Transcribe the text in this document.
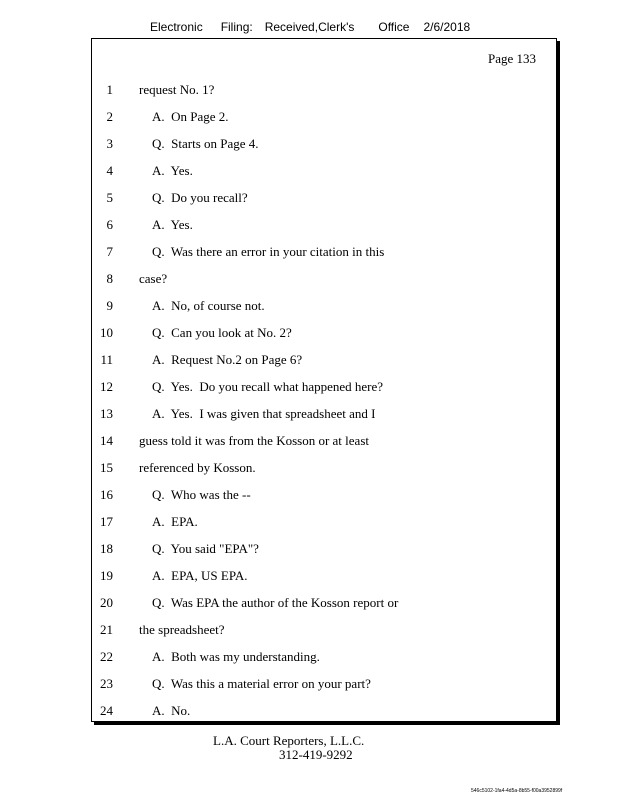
Electronic Filing: Received,Clerk's Office 2/6/2018
Page 133
1 request No. 1?
2	A.  On Page 2.
3	Q.  Starts on Page 4.
4	A.  Yes.
5	Q.  Do you recall?
6	A.  Yes.
7	Q.  Was there an error in your citation in this
8 case?
9	A.  No, of course not.
10	Q.  Can you look at No. 2?
11	A.  Request No.2 on Page 6?
12	Q.  Yes.  Do you recall what happened here?
13	A.  Yes.  I was given that spreadsheet and I
14 guess told it was from the Kosson or at least
15 referenced by Kosson.
16	Q.  Who was the --
17	A.  EPA.
18	Q.  You said "EPA"?
19	A.  EPA, US EPA.
20	Q.  Was EPA the author of the Kosson report or
21 the spreadsheet?
22	A.  Both was my understanding.
23	Q.  Was this a material error on your part?
24	A.  No.
L.A. Court Reporters, L.L.C.
312-419-9292
546c5102-1fa4-4d5a-8b55-f00a3952899f
